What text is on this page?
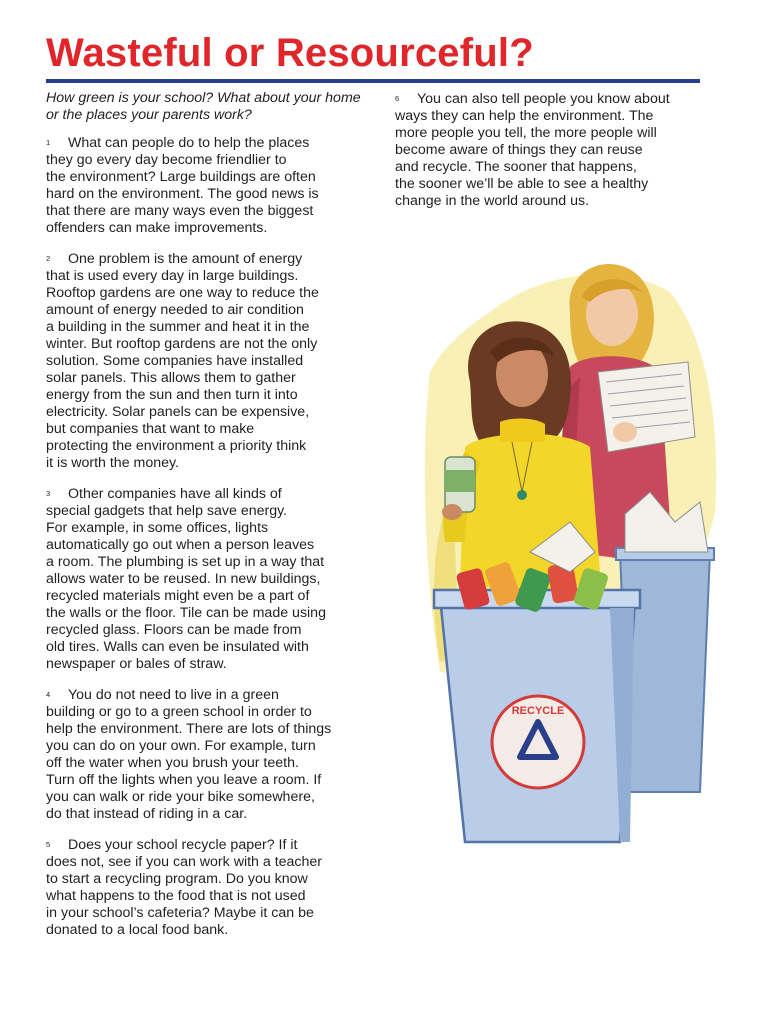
Wasteful or Resourceful?

How green is your school? What about your home or the places your parents work?

1 What can people do to help the places
they go every day become friendlier to
the environment? Large buildings are often
hard on the environment. The good news is
that there are many ways even the biggest
offenders can make improvements.
2 One problem is the amount of energy
that is used every day in large buildings.
Rooftop gardens are one way to reduce the
amount of energy needed to air condition
a building in the summer and heat it in the
winter. But rooftop gardens are not the only
solution. Some companies have installed
solar panels. This allows them to gather
energy from the sun and then turn it into
electricity. Solar panels can be expensive,
but companies that want to make
protecting the environment a priority think
it is worth the money.
3 Other companies have all kinds of
special gadgets that help save energy.
For example, in some offices, lights
automatically go out when a person leaves
a room. The plumbing is set up in a way that
allows water to be reused. In new buildings,
recycled materials might even be a part of
the walls or the floor. Tile can be made using
recycled glass. Floors can be made from
old tires. Walls can even be insulated with
newspaper or bales of straw.
4 You do not need to live in a green
building or go to a green school in order to
help the environment. There are lots of things
you can do on your own. For example, turn
off the water when you brush your teeth.
Turn off the lights when you leave a room. If
you can walk or ride your bike somewhere,
do that instead of riding in a car.
5 Does your school recycle paper? If it
does not, see if you can work with a teacher
to start a recycling program. Do you know
what happens to the food that is not used
in your school’s cafeteria? Maybe it can be
donated to a local food bank.
6 You can also tell people you know about
ways they can help the environment. The
more people you tell, the more people will
become aware of things they can reuse
and recycle. The sooner that happens,
the sooner we’ll be able to see a healthy
change in the world around us.
RECYCLE
